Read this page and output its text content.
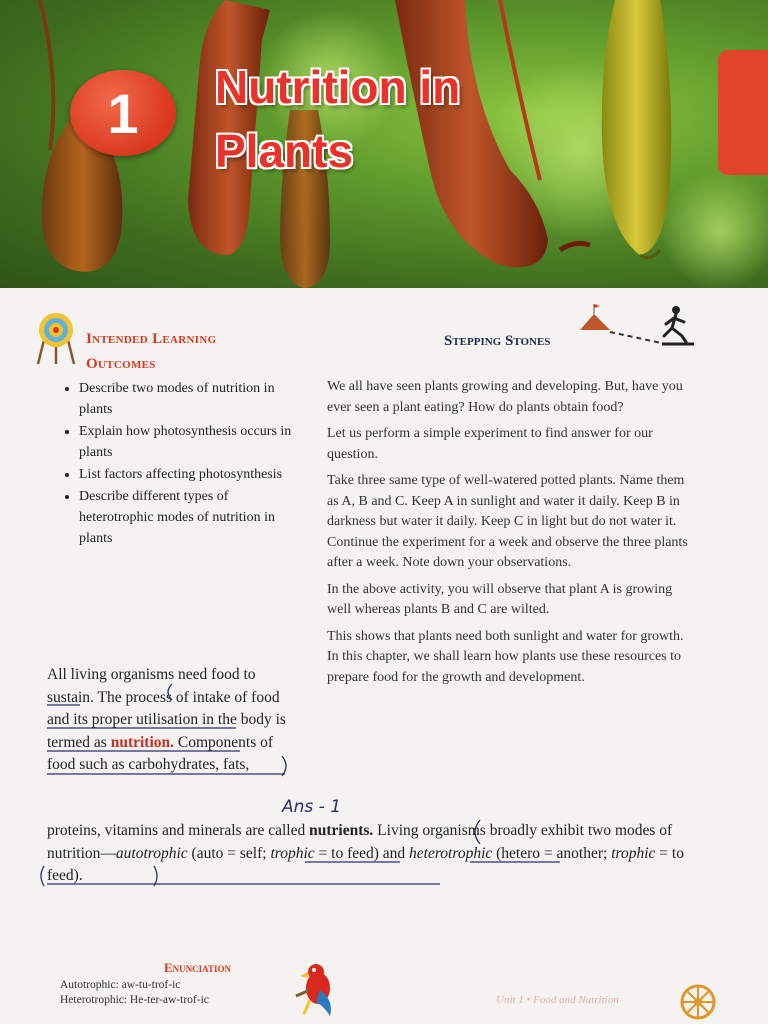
1 Nutrition in
Plants
Intended Learning
Outcomes
• Describe two modes of nutrition in plants
• Explain how photosynthesis occurs in plants
• List factors affecting photosynthesis
• Describe different types of heterotrophic modes of nutrition in plants
Stepping Stones

We all have seen plants growing and developing. But, have you ever seen a plant eating? How do plants obtain food?

Let us perform a simple experiment to find answer for our question.

Take three same type of well-watered potted plants. Name them as A, B and C. Keep A in sunlight and water it daily. Keep B in darkness but water it daily. Keep C in light but do not water it. Continue the experiment for a week and observe the three plants after a week. Note down your observations.

In the above activity, you will observe that plant A is growing well whereas plants B and C are wilted.

This shows that plants need both sunlight and water for growth. In this chapter, we shall learn how plants use these resources to prepare food for the growth and development.

All living organisms need food to sustain. The process of intake of food and its proper utilisation in the body is termed as nutrition. Components of food such as carbohydrates, fats,
Ans - 1
proteins, vitamins and minerals are called nutrients. Living organisms broadly exhibit two modes of nutrition—autotrophic (auto = self; trophic = to feed) and heterotrophic (hetero = another; trophic = to feed).
Enunciation
Autotrophic: aw-tu-trof-ic
Heterotrophic: He-ter-aw-trof-ic	Unit 1 • Food and Nutrition
